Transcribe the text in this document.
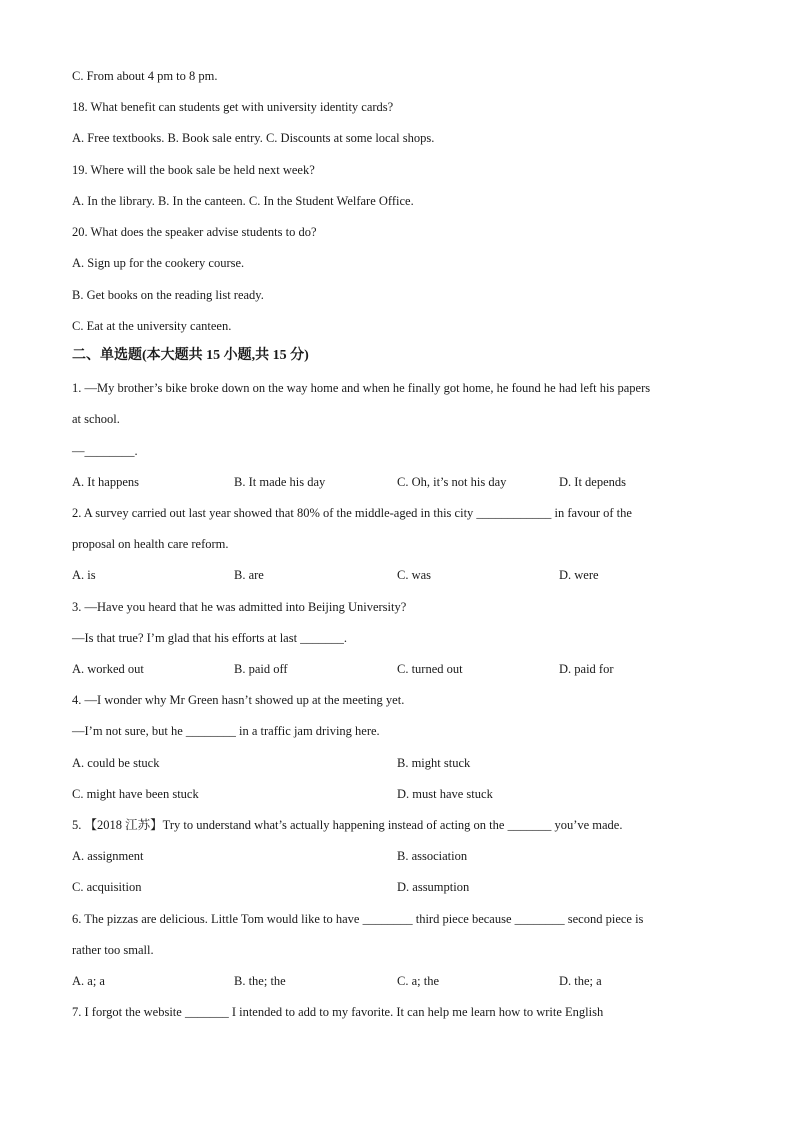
C. From about 4 pm to 8 pm.
18. What benefit can students get with university identity cards?
A. Free textbooks. B. Book sale entry. C. Discounts at some local shops.
19. Where will the book sale be held next week?
A. In the library. B. In the canteen. C. In the Student Welfare Office.
20. What does the speaker advise students to do?
A. Sign up for the cookery course.
B. Get books on the reading list ready.
C. Eat at the university canteen.
二、单选题(本大题共 15 小题,共 15 分)
1. —My brother’s bike broke down on the way home and when he finally got home, he found he had left his papers
at school.
—________.
A. It happens	B. It made his day	C. Oh, it’s not his day	D. It depends
2. A survey carried out last year showed that 80% of the middle-aged in this city ____________ in favour of the
proposal on health care reform.
A. is	B. are	C. was	D. were
3. —Have you heard that he was admitted into Beijing University?
—Is that true? I’m glad that his efforts at last _______.
A. worked out	B. paid off	C. turned out	D. paid for
4. —I wonder why Mr Green hasn’t showed up at the meeting yet.
—I’m not sure, but he ________ in a traffic jam driving here.
A. could be stuck	B. might stuck
C. might have been stuck	D. must have stuck
5. 【2018 江苏】Try to understand what’s actually happening instead of acting on the _______ you’ve made.
A. assignment	B. association
C. acquisition	D. assumption
6. The pizzas are delicious. Little Tom would like to have ________ third piece because ________ second piece is
rather too small.
A. a; a	B. the; the	C. a; the	D. the; a
7. I forgot the website _______ I intended to add to my favorite. It can help me learn how to write English
